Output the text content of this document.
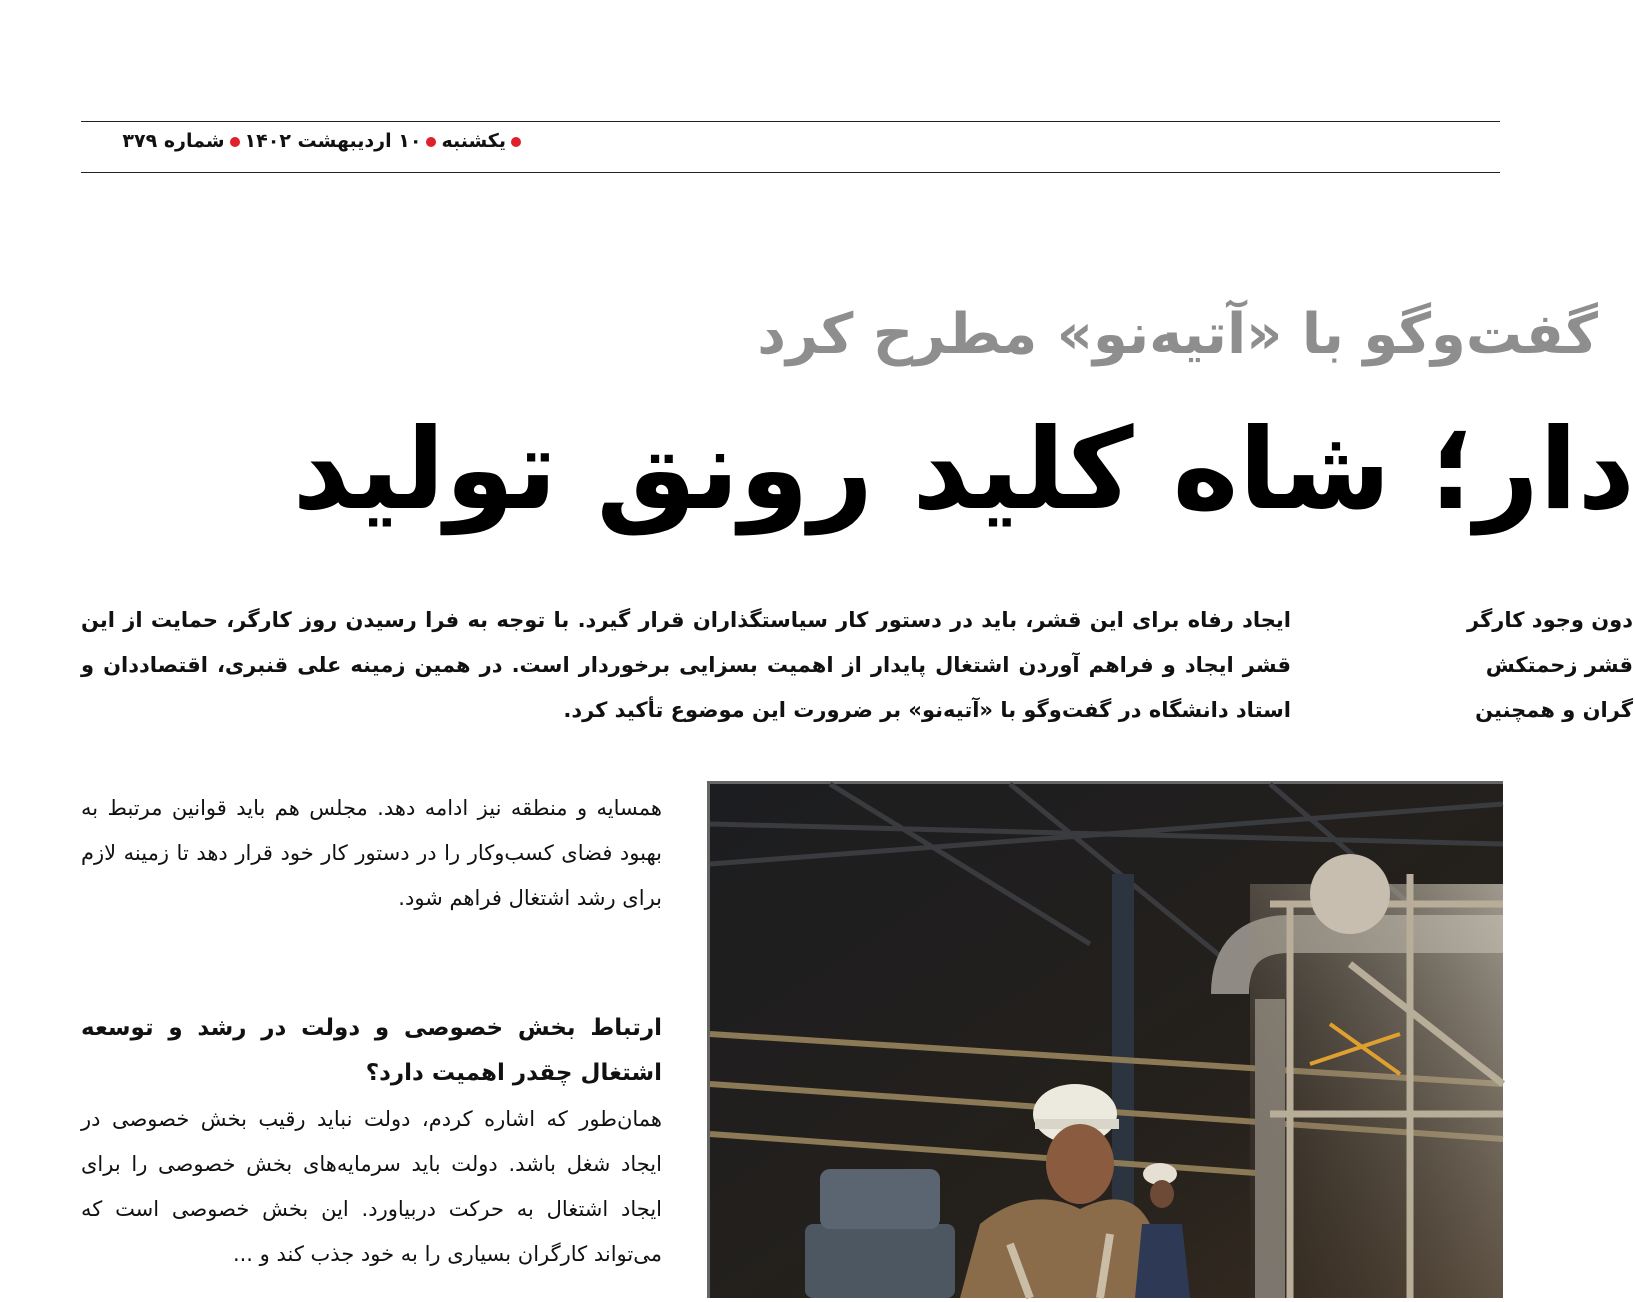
یکشنبه۱۰ اردیبهشت ۱۴۰۲شماره ۳۷۹
گفت‌وگو با «آتیه‌نو» مطرح کرد
دار؛ شاه کلید رونق تولید
ایجاد رفاه برای این قشر، باید در دستور کار سیاستگذاران قرار گیرد. با توجه به فرا رسیدن روز کارگر، حمایت از این قشر ایجاد و فراهم آوردن اشتغال پایدار از اهمیت بسزایی برخوردار است. در همین زمینه علی قنبری، اقتصاددان و استاد دانشگاه در گفت‌وگو با «آتیه‌نو» بر ضرورت این موضوع تأکید کرد.
دون وجود کارگر
قشر زحمتکش
گران و همچنین
همسایه و منطقه نیز ادامه دهد. مجلس هم باید قوانین مرتبط به بهبود فضای کسب‌وکار را در دستور کار خود قرار دهد تا زمینه لازم برای رشد اشتغال فراهم شود.
ارتباط بخش خصوصی و دولت در رشد و توسعه اشتغال چقدر اهمیت دارد؟
همان‌طور که اشاره کردم، دولت نباید رقیب بخش خصوصی در ایجاد شغل باشد. دولت باید سرمایه‌های بخش خصوصی را برای ایجاد اشتغال به حرکت دربیاورد. این بخش خصوصی است که می‌تواند کارگران بسیاری را به خود جذب کند و ...
